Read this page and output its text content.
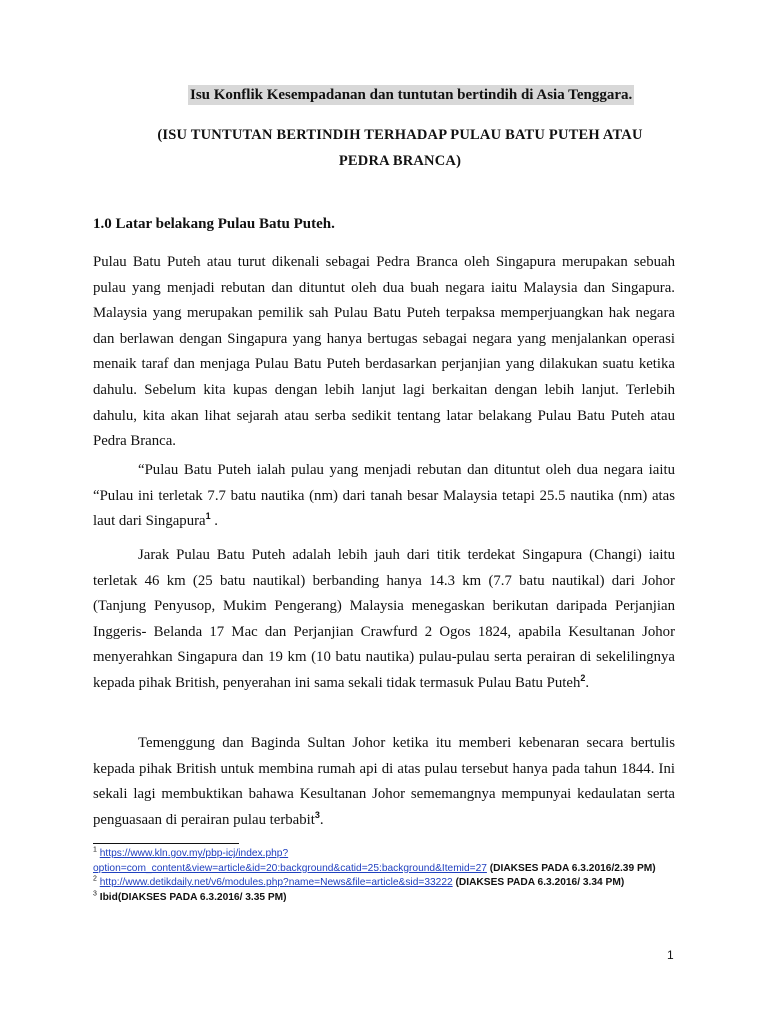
Isu Konflik Kesempadanan dan tuntutan bertindih di Asia Tenggara.
(ISU TUNTUTAN BERTINDIH TERHADAP PULAU BATU PUTEH ATAU
PEDRA BRANCA)
1.0 Latar belakang Pulau Batu Puteh.
Pulau Batu Puteh atau turut dikenali sebagai Pedra Branca oleh Singapura merupakan sebuah pulau yang menjadi rebutan dan dituntut oleh dua buah negara iaitu Malaysia dan Singapura. Malaysia yang merupakan pemilik sah Pulau Batu Puteh terpaksa memperjuangkan hak negara dan berlawan dengan Singapura yang hanya bertugas sebagai negara yang menjalankan operasi menaik taraf dan menjaga Pulau Batu Puteh berdasarkan perjanjian yang dilakukan suatu ketika dahulu. Sebelum kita kupas dengan lebih lanjut lagi berkaitan dengan lebih lanjut. Terlebih dahulu, kita akan lihat sejarah atau serba sedikit tentang latar belakang Pulau Batu Puteh atau Pedra Branca.
“Pulau Batu Puteh ialah pulau yang menjadi rebutan dan dituntut oleh dua negara iaitu “Pulau ini terletak 7.7 batu nautika (nm) dari tanah besar Malaysia tetapi 25.5 nautika (nm) atas laut dari Singapura$^1$ .
Jarak Pulau Batu Puteh adalah lebih jauh dari titik terdekat Singapura (Changi) iaitu terletak 46 km (25 batu nautikal) berbanding hanya 14.3 km (7.7 batu nautikal) dari Johor (Tanjung Penyusop, Mukim Pengerang) Malaysia menegaskan berikutan daripada Perjanjian Inggeris- Belanda 17 Mac dan Perjanjian Crawfurd 2 Ogos 1824, apabila Kesultanan Johor menyerahkan Singapura dan 19 km (10 batu nautika) pulau-pulau serta perairan di sekelilingnya kepada pihak British, penyerahan ini sama sekali tidak termasuk Pulau Batu Puteh$^2$.
Temenggung dan Baginda Sultan Johor ketika itu memberi kebenaran secara bertulis kepada pihak British untuk membina rumah api di atas pulau tersebut hanya pada tahun 1844. Ini sekali lagi membuktikan bahawa Kesultanan Johor sememangnya mempunyai kedaulatan serta penguasaan di perairan pulau terbabit$^3$.

$^1$ https://www.kln.gov.my/pbp-icj/index.php?option=com_content&view=article&id=20:background&catid=25:background&Itemid=27 (DIAKSES PADA 6.3.2016/2.39 PM)

$^2$ http://www.detikdaily.net/v6/modules.php?name=News&file=article&sid=33222 (DIAKSES PADA 6.3.2016/ 3.34 PM)

$^3$ Ibid(DIAKSES PADA 6.3.2016/ 3.35 PM)

1
